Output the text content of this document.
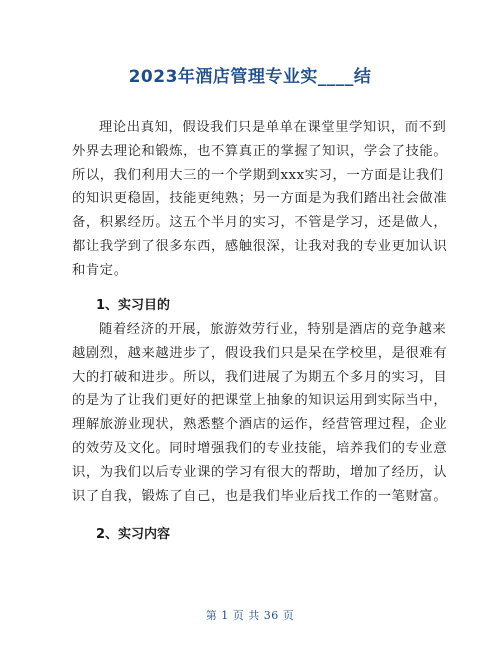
2023年酒店管理专业实____结
理论出真知，假设我们只是单单在课堂里学知识，而不到
外界去理论和锻炼，也不算真正的掌握了知识，学会了技能。
所以，我们利用大三的一个学期到xxx实习，一方面是让我们
的知识更稳固，技能更纯熟；另一方面是为我们踏出社会做准
备，积累经历。这五个半月的实习，不管是学习，还是做人，
都让我学到了很多东西，感触很深，让我对我的专业更加认识
和肯定。
1、实习目的
随着经济的开展，旅游效劳行业，特别是酒店的竞争越来
越剧烈，越来越进步了，假设我们只是呆在学校里，是很难有
大的打破和进步。所以，我们进展了为期五个多月的实习，目
的是为了让我们更好的把课堂上抽象的知识运用到实际当中，
理解旅游业现状，熟悉整个酒店的运作，经营管理过程，企业
的效劳及文化。同时增强我们的专业技能，培养我们的专业意
识，为我们以后专业课的学习有很大的帮助，增加了经历，认
识了自我，锻炼了自己，也是我们毕业后找工作的一笔财富。
2、实习内容
第 1 页 共 36 页
